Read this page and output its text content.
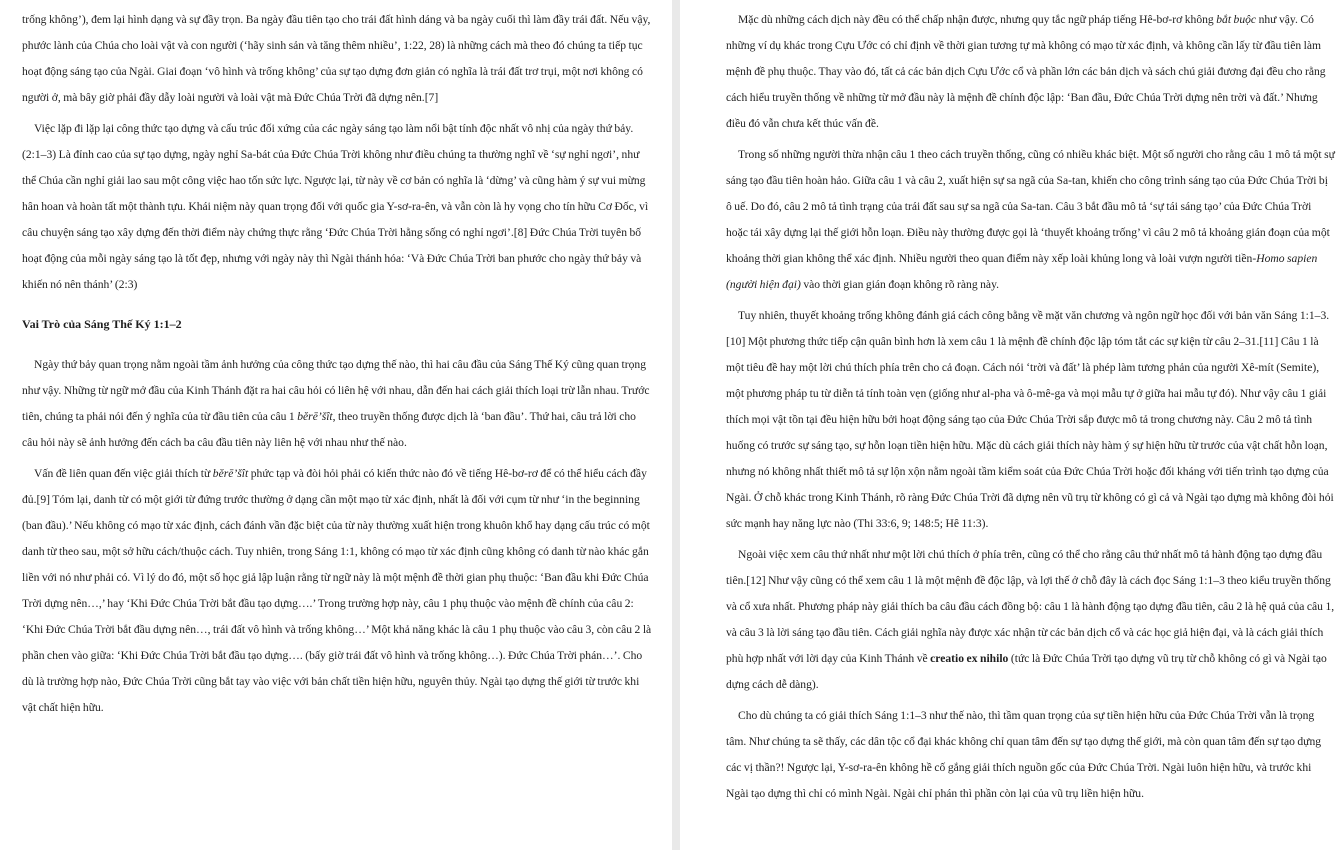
trống không’), đem lại hình dạng và sự đầy trọn. Ba ngày đầu tiên tạo cho trái đất hình dáng và ba ngày cuối thì làm đầy trái đất. Nếu vậy, phước lành của Chúa cho loài vật và con người (‘hãy sinh sản và tăng thêm nhiều’, 1:22, 28) là những cách mà theo đó chúng ta tiếp tục hoạt động sáng tạo của Ngài. Giai đoạn ‘vô hình và trống không’ của sự tạo dựng đơn giản có nghĩa là trái đất trơ trụi, một nơi không có người ở, mà bây giờ phải đầy dẫy loài người và loài vật mà Đức Chúa Trời đã dựng nên.[7]

Việc lặp đi lặp lại công thức tạo dựng và cấu trúc đối xứng của các ngày sáng tạo làm nổi bật tính độc nhất vô nhị của ngày thứ bảy.(2:1–3) Là đỉnh cao của sự tạo dựng, ngày nghỉ Sa-bát của Đức Chúa Trời không như điều chúng ta thường nghĩ về ‘sự nghỉ ngơi’, như thể Chúa cần nghỉ giải lao sau một công việc hao tốn sức lực. Ngược lại, từ này về cơ bản có nghĩa là ‘dừng’ và cũng hàm ý sự vui mừng hân hoan và hoàn tất một thành tựu. Khái niệm này quan trọng đối với quốc gia Y-sơ-ra-ên, và vẫn còn là hy vọng cho tín hữu Cơ Đốc, vì câu chuyện sáng tạo xây dựng đến thời điểm này chứng thực rằng ‘Đức Chúa Trời hằng sống có nghỉ ngơi’.[8] Đức Chúa Trời tuyên bố hoạt động của mỗi ngày sáng tạo là tốt đẹp, nhưng với ngày này thì Ngài thánh hóa: ‘Và Đức Chúa Trời ban phước cho ngày thứ bảy và khiến nó nên thánh’ (2:3)

Vai Trò của Sáng Thế Ký 1:1–2

Ngày thứ bảy quan trọng nằm ngoài tầm ảnh hưởng của công thức tạo dựng thế nào, thì hai câu đầu của Sáng Thế Ký cũng quan trọng như vậy. Những từ ngữ mở đầu của Kinh Thánh đặt ra hai câu hỏi có liên hệ với nhau, dẫn đến hai cách giải thích loại trừ lẫn nhau. Trước tiên, chúng ta phải nói đến ý nghĩa của từ đầu tiên của câu 1 bĕrē’šît, theo truyền thống được dịch là ‘ban đầu’. Thứ hai, câu trả lời cho câu hỏi này sẽ ảnh hưởng đến cách ba câu đầu tiên này liên hệ với nhau như thế nào.

Vấn đề liên quan đến việc giải thích từ bĕrē’šît phức tạp và đòi hỏi phải có kiến thức nào đó về tiếng Hê-bơ-rơ để có thể hiểu cách đầy đủ.[9] Tóm lại, danh từ có một giới từ đứng trước thường ở dạng cần một mạo từ xác định, nhất là đối với cụm từ như ‘in the beginning (ban đầu).’ Nếu không có mạo từ xác định, cách đánh vần đặc biệt của từ này thường xuất hiện trong khuôn khổ hay dạng cấu trúc có một danh từ theo sau, một sở hữu cách/thuộc cách. Tuy nhiên, trong Sáng 1:1, không có mạo từ xác định cũng không có danh từ nào khác gắn liền với nó như phải có. Vì lý do đó, một số học giả lập luận rằng từ ngữ này là một mệnh đề thời gian phụ thuộc: ‘Ban đầu khi Đức Chúa Trời dựng nên…,’ hay ‘Khi Đức Chúa Trời bắt đầu tạo dựng….’ Trong trường hợp này, câu 1 phụ thuộc vào mệnh đề chính của câu 2: ‘Khi Đức Chúa Trời bắt đầu dựng nên…, trái đất vô hình và trống không…’ Một khả năng khác là câu 1 phụ thuộc vào câu 3, còn câu 2 là phần chen vào giữa: ‘Khi Đức Chúa Trời bắt đầu tạo dựng…. (bấy giờ trái đất vô hình và trống không…). Đức Chúa Trời phán…’. Cho dù là trường hợp nào, Đức Chúa Trời cũng bắt tay vào việc với bản chất tiền hiện hữu, nguyên thủy. Ngài tạo dựng thế giới từ trước khi vật chất hiện hữu.

Mặc dù những cách dịch này đều có thể chấp nhận được, nhưng quy tắc ngữ pháp tiếng Hê-bơ-rơ không bắt buộc như vậy. Có những ví dụ khác trong Cựu Ước có chỉ định về thời gian tương tự mà không có mạo từ xác định, và không cần lấy từ đầu tiên làm mệnh đề phụ thuộc. Thay vào đó, tất cả các bản dịch Cựu Ước cổ và phần lớn các bản dịch và sách chú giải đương đại đều cho rằng cách hiểu truyền thống về những từ mở đầu này là mệnh đề chính độc lập: ‘Ban đầu, Đức Chúa Trời dựng nên trời và đất.’ Nhưng điều đó vẫn chưa kết thúc vấn đề.

Trong số những người thừa nhận câu 1 theo cách truyền thống, cũng có nhiều khác biệt. Một số người cho rằng câu 1 mô tả một sự sáng tạo đầu tiên hoàn hảo. Giữa câu 1 và câu 2, xuất hiện sự sa ngã của Sa-tan, khiến cho công trình sáng tạo của Đức Chúa Trời bị ô uế. Do đó, câu 2 mô tả tình trạng của trái đất sau sự sa ngã của Sa-tan. Câu 3 bắt đầu mô tả ‘sự tái sáng tạo’ của Đức Chúa Trời hoặc tái xây dựng lại thế giới hỗn loạn. Điều này thường được gọi là ‘thuyết khoảng trống’ vì câu 2 mô tả khoảng gián đoạn của một khoảng thời gian không thể xác định. Nhiều người theo quan điểm này xếp loài khủng long và loài vượn người tiền-Homo sapien (người hiện đại) vào thời gian gián đoạn không rõ ràng này.

Tuy nhiên, thuyết khoảng trống không đánh giá cách công bằng về mặt văn chương và ngôn ngữ học đối với bản văn Sáng 1:1–3.[10] Một phương thức tiếp cận quân bình hơn là xem câu 1 là mệnh đề chính độc lập tóm tắt các sự kiện từ câu 2–31.[11] Câu 1 là một tiêu đề hay một lời chú thích phía trên cho cả đoạn. Cách nói ‘trời và đất’ là phép làm tương phản của người Xê-mít (Semite), một phương pháp tu từ diễn tả tính toàn vẹn (giống như al-pha và ô-mê-ga và mọi mẫu tự ở giữa hai mẫu tự đó). Như vậy câu 1 giải thích mọi vật tồn tại đều hiện hữu bởi hoạt động sáng tạo của Đức Chúa Trời sắp được mô tả trong chương này. Câu 2 mô tả tình huống có trước sự sáng tạo, sự hỗn loạn tiền hiện hữu. Mặc dù cách giải thích này hàm ý sự hiện hữu từ trước của vật chất hỗn loạn, nhưng nó không nhất thiết mô tả sự lộn xộn nằm ngoài tầm kiểm soát của Đức Chúa Trời hoặc đối kháng với tiến trình tạo dựng của Ngài. Ở chỗ khác trong Kinh Thánh, rõ ràng Đức Chúa Trời đã dựng nên vũ trụ từ không có gì cả và Ngài tạo dựng mà không đòi hỏi sức mạnh hay năng lực nào (Thi 33:6, 9; 148:5; Hê 11:3).

Ngoài việc xem câu thứ nhất như một lời chú thích ở phía trên, cũng có thể cho rằng câu thứ nhất mô tả hành động tạo dựng đầu tiên.[12] Như vậy cũng có thể xem câu 1 là một mệnh đề độc lập, và lợi thế ở chỗ đây là cách đọc Sáng 1:1–3 theo kiểu truyền thống và cổ xưa nhất. Phương pháp này giải thích ba câu đầu cách đồng bộ: câu 1 là hành động tạo dựng đầu tiên, câu 2 là hệ quả của câu 1, và câu 3 là lời sáng tạo đầu tiên. Cách giải nghĩa này được xác nhận từ các bản dịch cổ và các học giả hiện đại, và là cách giải thích phù hợp nhất với lời dạy của Kinh Thánh về creatio ex nihilo (tức là Đức Chúa Trời tạo dựng vũ trụ từ chỗ không có gì và Ngài tạo dựng cách dễ dàng).

Cho dù chúng ta có giải thích Sáng 1:1–3 như thế nào, thì tầm quan trọng của sự tiền hiện hữu của Đức Chúa Trời vẫn là trọng tâm. Như chúng ta sẽ thấy, các dân tộc cổ đại khác không chỉ quan tâm đến sự tạo dựng thế giới, mà còn quan tâm đến sự tạo dựng các vị thần?! Ngược lại, Y-sơ-ra-ên không hề cố gắng giải thích nguồn gốc của Đức Chúa Trời. Ngài luôn hiện hữu, và trước khi Ngài tạo dựng thì chỉ có mình Ngài. Ngài chỉ phán thì phần còn lại của vũ trụ liền hiện hữu.
